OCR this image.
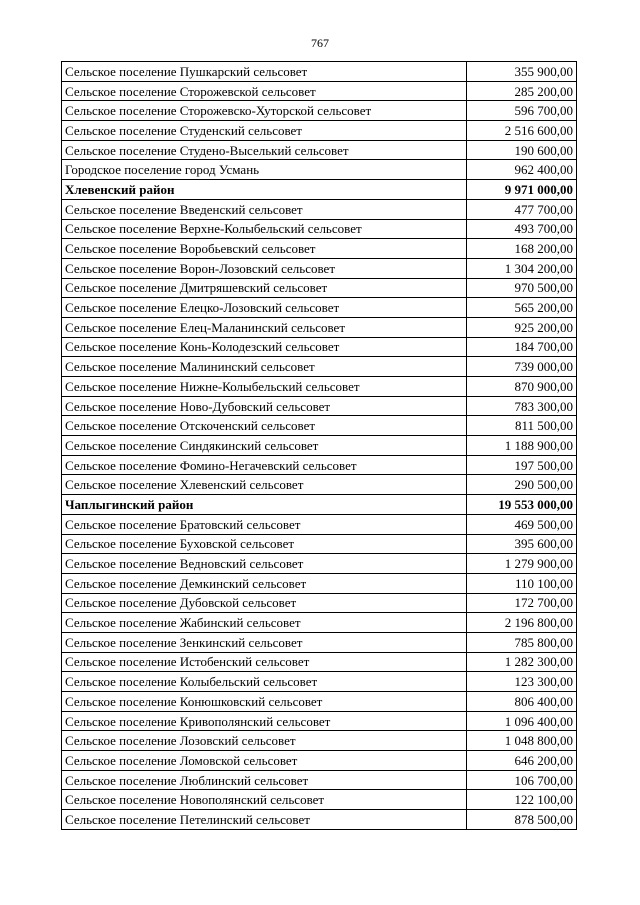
767
Сельское поселение Пушкарский сельсовет	355 900,00
Сельское поселение Сторожевской сельсовет	285 200,00
Сельское поселение Сторожевско-Хуторской сельсовет	596 700,00
Сельское поселение Студенский сельсовет	2 516 600,00
Сельское поселение Студено-Выселький сельсовет	190 600,00
Городское поселение город Усмань	962 400,00
Хлевенский район	9 971 000,00
Сельское поселение Введенский сельсовет	477 700,00
Сельское поселение Верхне-Колыбельский сельсовет	493 700,00
Сельское поселение Воробьевский сельсовет	168 200,00
Сельское поселение Ворон-Лозовский сельсовет	1 304 200,00
Сельское поселение Дмитряшевский сельсовет	970 500,00
Сельское поселение Елецко-Лозовский сельсовет	565 200,00
Сельское поселение Елец-Маланинский сельсовет	925 200,00
Сельское поселение Конь-Колодезский сельсовет	184 700,00
Сельское поселение Малининский сельсовет	739 000,00
Сельское поселение Нижне-Колыбельский сельсовет	870 900,00
Сельское поселение Ново-Дубовский сельсовет	783 300,00
Сельское поселение Отскоченский сельсовет	811 500,00
Сельское поселение Синдякинский сельсовет	1 188 900,00
Сельское поселение Фомино-Негачевский сельсовет	197 500,00
Сельское поселение Хлевенский сельсовет	290 500,00
Чаплыгинский район	19 553 000,00
Сельское поселение Братовский сельсовет	469 500,00
Сельское поселение Буховской сельсовет	395 600,00
Сельское поселение Ведновский сельсовет	1 279 900,00
Сельское поселение Демкинский сельсовет	110 100,00
Сельское поселение Дубовской сельсовет	172 700,00
Сельское поселение Жабинский сельсовет	2 196 800,00
Сельское поселение Зенкинский сельсовет	785 800,00
Сельское поселение Истобенский сельсовет	1 282 300,00
Сельское поселение Колыбельский сельсовет	123 300,00
Сельское поселение Конюшковский сельсовет	806 400,00
Сельское поселение Кривополянский сельсовет	1 096 400,00
Сельское поселение Лозовский сельсовет	1 048 800,00
Сельское поселение Ломовской сельсовет	646 200,00
Сельское поселение Люблинский сельсовет	106 700,00
Сельское поселение Новополянский сельсовет	122 100,00
Сельское поселение Петелинский сельсовет	878 500,00
